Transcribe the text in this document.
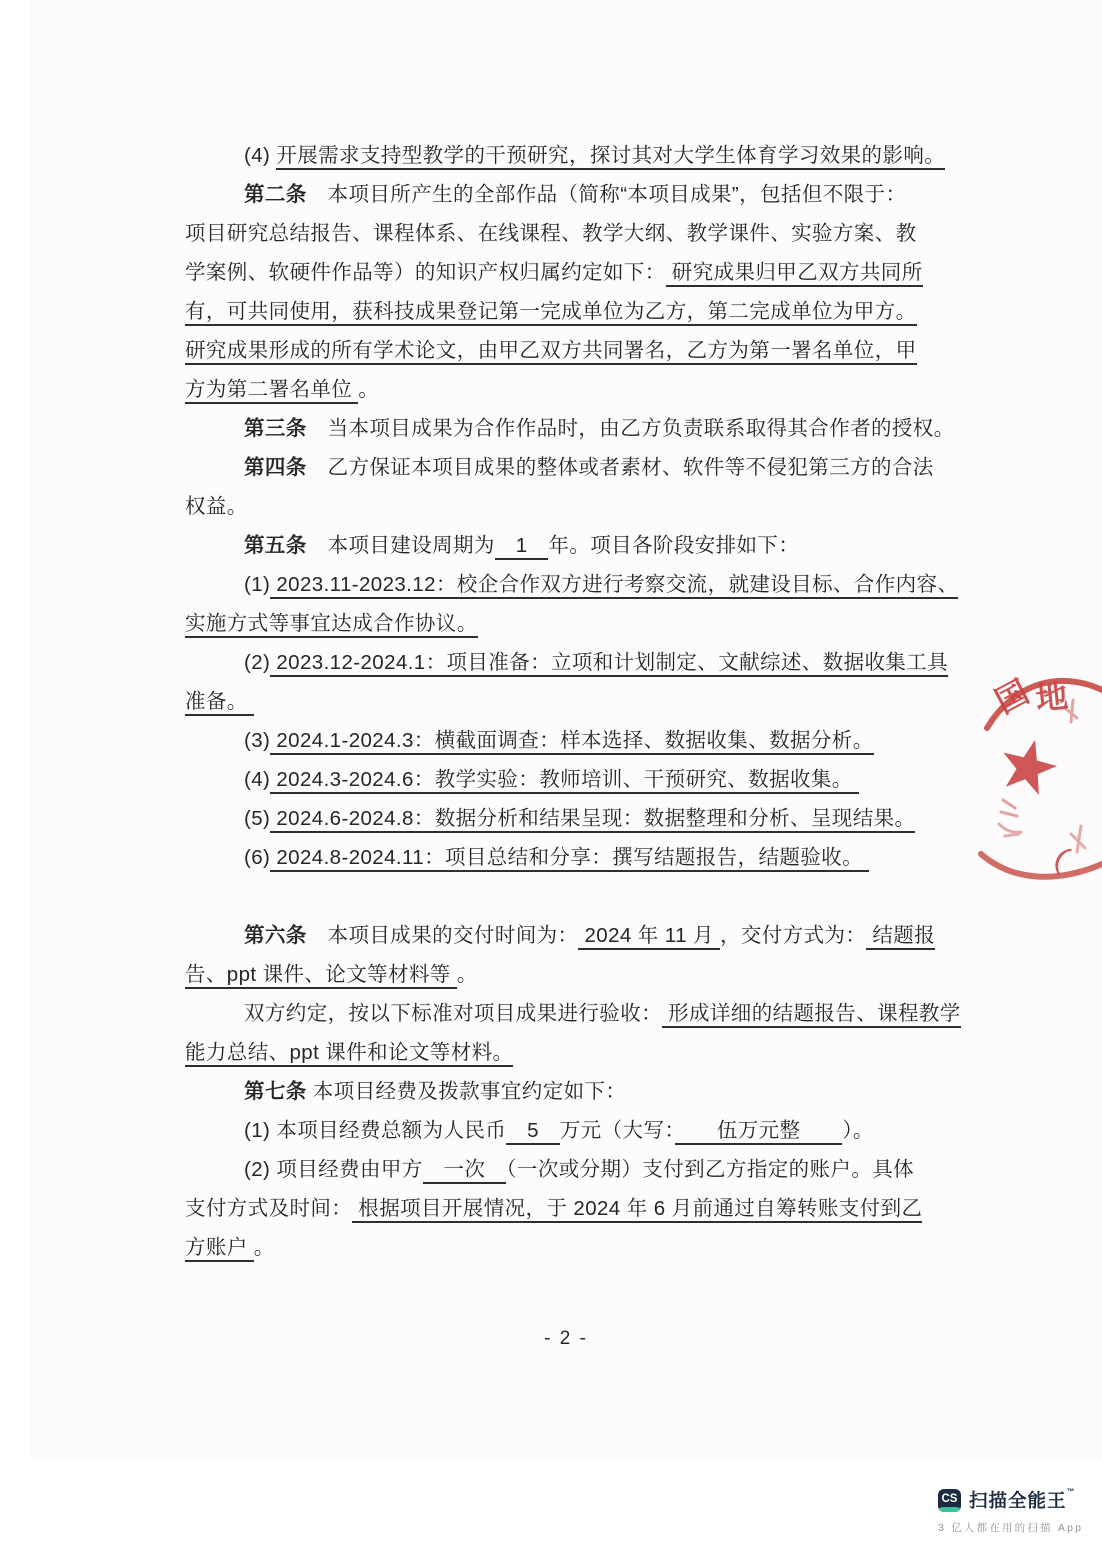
(4) 开展需求支持型教学的干预研究，探讨其对大学生体育学习效果的影响。
第二条　本项目所产生的全部作品（简称“本项目成果”，包括但不限于：
项目研究总结报告、课程体系、在线课程、教学大纲、教学课件、实验方案、教
学案例、软硬件作品等）的知识产权归属约定如下： 研究成果归甲乙双方共同所
有，可共同使用，获科技成果登记第一完成单位为乙方，第二完成单位为甲方。
研究成果形成的所有学术论文，由甲乙双方共同署名，乙方为第一署名单位，甲
方为第二署名单位 。
第三条　当本项目成果为合作作品时，由乙方负责联系取得其合作者的授权。
第四条　乙方保证本项目成果的整体或者素材、软件等不侵犯第三方的合法
权益。
第五条　本项目建设周期为　1　年。项目各阶段安排如下：
(1) 2023.11-2023.12：校企合作双方进行考察交流，就建设目标、合作内容、
实施方式等事宜达成合作协议。
(2) 2023.12-2024.1：项目准备：立项和计划制定、文献综述、数据收集工具
准备。
(3) 2024.1-2024.3：横截面调查：样本选择、数据收集、数据分析。
(4) 2024.3-2024.6：教学实验：教师培训、干预研究、数据收集。
(5) 2024.6-2024.8：数据分析和结果呈现：数据整理和分析、呈现结果。
(6) 2024.8-2024.11：项目总结和分享：撰写结题报告，结题验收。
第六条　本项目成果的交付时间为： 2024 年 11 月 ，交付方式为： 结题报
告、ppt 课件、论文等材料等 。
双方约定，按以下标准对项目成果进行验收： 形成详细的结题报告、课程教学
能力总结、ppt 课件和论文等材料。
第七条 本项目经费及拨款事宜约定如下：
(1) 本项目经费总额为人民币　5　万元（大写：　　伍万元整　　）。
(2) 项目经费由甲方　一次　（一次或分期）支付到乙方指定的账户。具体
支付方式及时间： 根据项目开展情况，于 2024 年 6 月前通过自筹转账支付到乙
方账户 。
- 2 -
国 地
（
CS 扫描全能王™
3 亿人都在用的扫描 App
